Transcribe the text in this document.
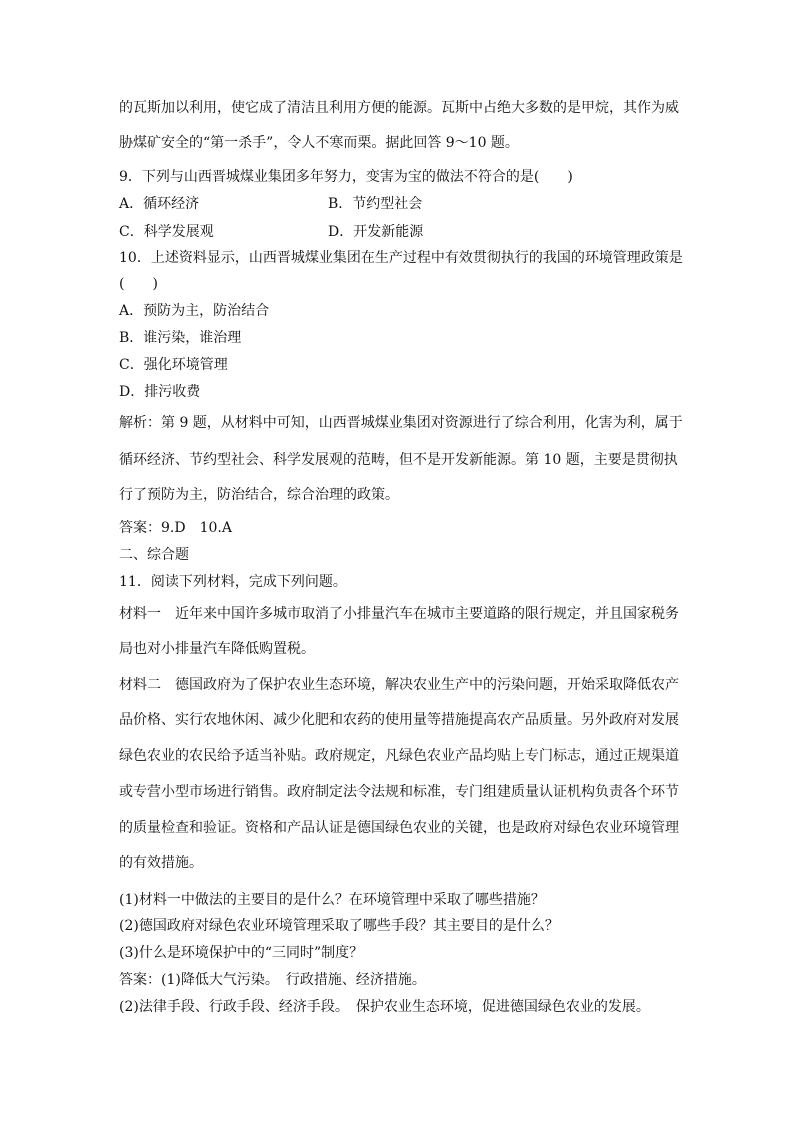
的瓦斯加以利用，使它成了清洁且利用方便的能源。瓦斯中占绝大多数的是甲烷，其作为威
胁煤矿安全的“第一杀手”，令人不寒而栗。据此回答 9～10 题。
9．下列与山西晋城煤业集团多年努力，变害为宝的做法不符合的是(　　)
A．循环经济	B．节约型社会
C．科学发展观	D．开发新能源
10．上述资料显示，山西晋城煤业集团在生产过程中有效贯彻执行的我国的环境管理政策是
(　　)
A．预防为主，防治结合
B．谁污染，谁治理
C．强化环境管理
D．排污收费
解析：第 9 题，从材料中可知，山西晋城煤业集团对资源进行了综合利用，化害为利，属于
循环经济、节约型社会、科学发展观的范畴，但不是开发新能源。第 10 题，主要是贯彻执
行了预防为主，防治结合，综合治理的政策。
答案：9.D　10.A
二、综合题
11．阅读下列材料，完成下列问题。
材料一　近年来中国许多城市取消了小排量汽车在城市主要道路的限行规定，并且国家税务
局也对小排量汽车降低购置税。
材料二　德国政府为了保护农业生态环境，解决农业生产中的污染问题，开始采取降低农产
品价格、实行农地休闲、减少化肥和农药的使用量等措施提高农产品质量。另外政府对发展
绿色农业的农民给予适当补贴。政府规定，凡绿色农业产品均贴上专门标志，通过正规渠道
或专营小型市场进行销售。政府制定法令法规和标准，专门组建质量认证机构负责各个环节
的质量检查和验证。资格和产品认证是德国绿色农业的关键，也是政府对绿色农业环境管理
的有效措施。
(1)材料一中做法的主要目的是什么？在环境管理中采取了哪些措施？
(2)德国政府对绿色农业环境管理采取了哪些手段？其主要目的是什么？
(3)什么是环境保护中的“三同时”制度？
答案：(1)降低大气污染。　行政措施、经济措施。
(2)法律手段、行政手段、经济手段。　保护农业生态环境，促进德国绿色农业的发展。
